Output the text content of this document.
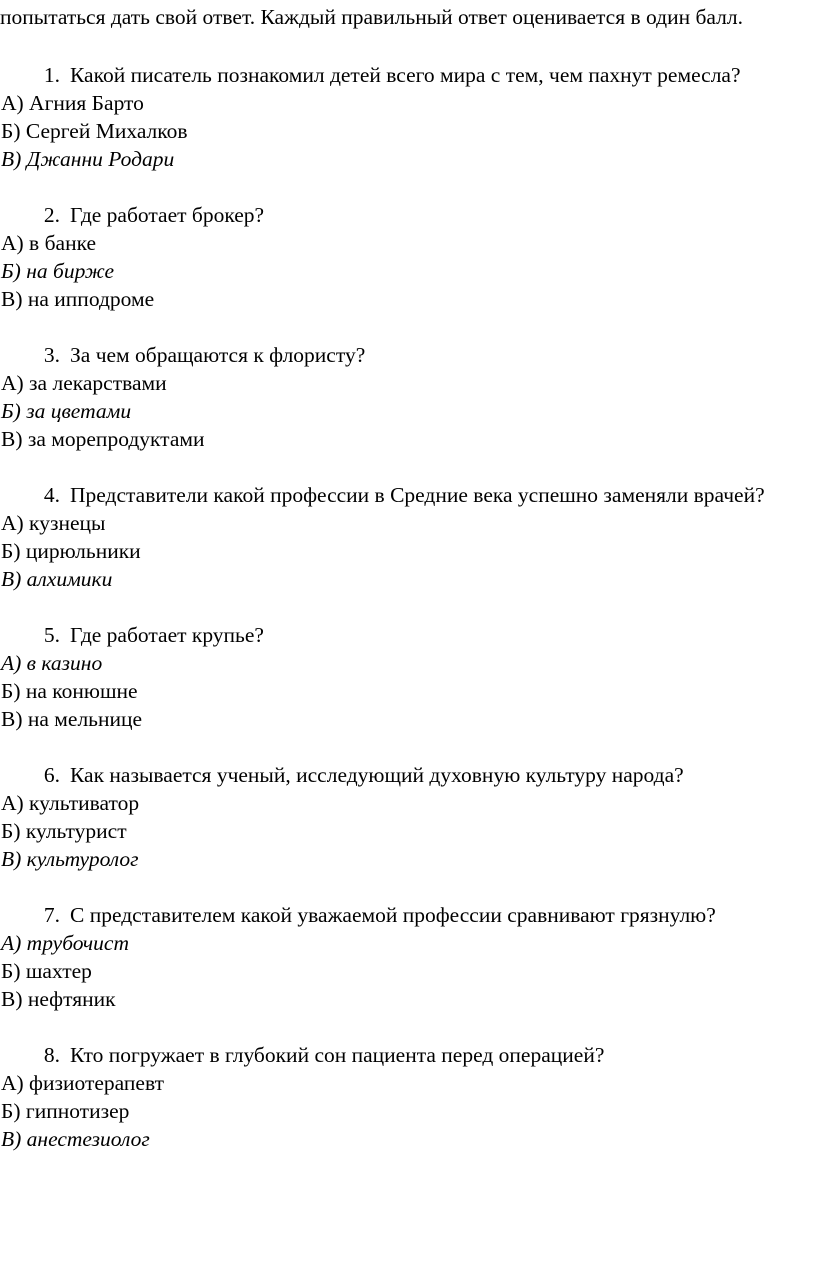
попытаться дать свой ответ. Каждый правильный ответ оценивается в один балл.

1. Какой писатель познакомил детей всего мира с тем, чем пахнут ремесла?

А) Агния Барто

Б) Сергей Михалков

В) Джанни Родари

2. Где работает брокер?

А) в банке

Б) на бирже

В) на ипподроме

3. За чем обращаются к флористу?

А) за лекарствами

Б) за цветами

В) за морепродуктами

4. Представители какой профессии в Средние века успешно заменяли врачей?

А) кузнецы

Б) цирюльники

В) алхимики

5. Где работает крупье?

А) в казино

Б) на конюшне

В) на мельнице

6. Как называется ученый, исследующий духовную культуру народа?

А) культиватор

Б) культурист

В) культуролог

7. С представителем какой уважаемой профессии сравнивают грязнулю?

А) трубочист

Б) шахтер

В) нефтяник

8. Кто погружает в глубокий сон пациента перед операцией?

А) физиотерапевт

Б) гипнотизер

В) анестезиолог
